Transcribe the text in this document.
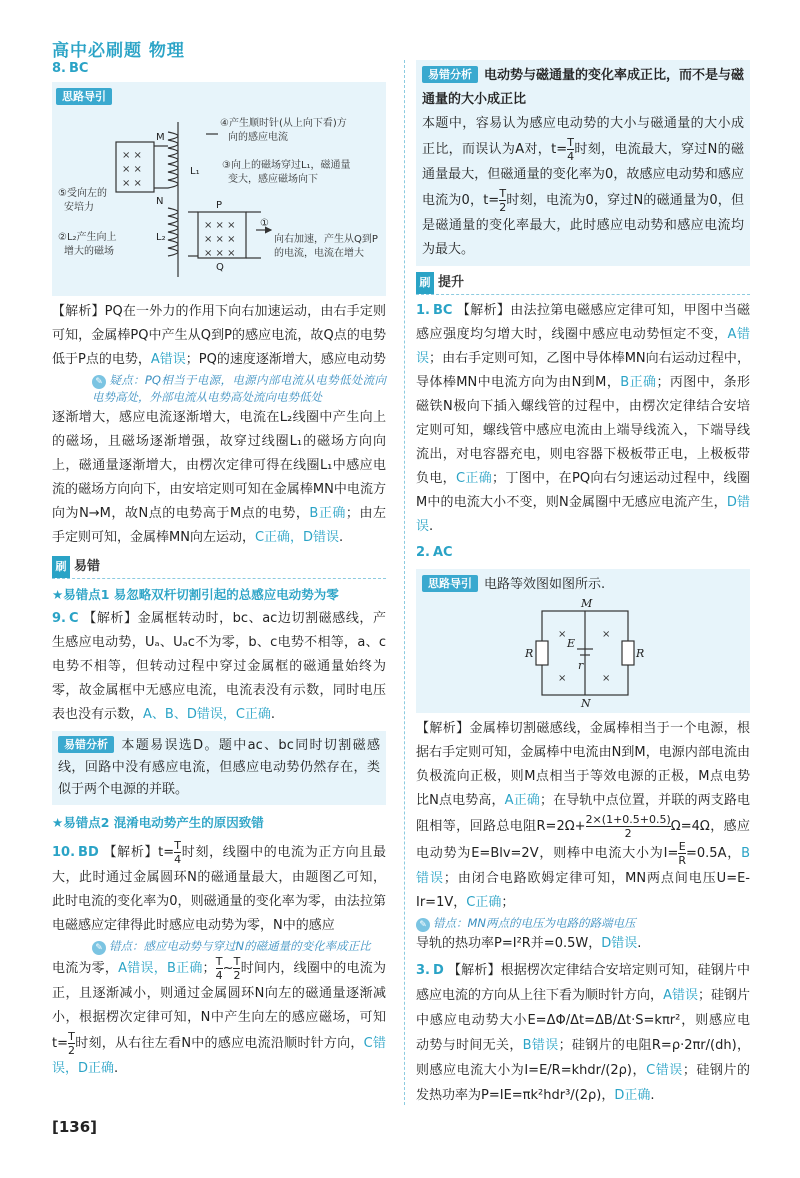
高中必刷题 物理
8. BC
思路导引
× ×
× ×
× ×
× × ×
× × ×
× × ×
M
N
L₁
L₂
P
Q
①
④产生顺时针(从上向下看)方
向的感应电流
③向上的磁场穿过L₁，磁通量
变大，感应磁场向下
⑤受向左的
安培力
②L₂产生向上
增大的磁场
向右加速，产生从Q到P
的电流，电流在增大
【解析】PQ在一外力的作用下向右加速运动，由右手定则可知，金属棒PQ中产生从Q到P的感应电流，故Q点的电势低于P点的电势，A错误；PQ的速度逐渐增大，感应电动势
✎ 疑点：PQ相当于电源，电源内部电流从电势低处流向电势高处，外部电流从电势高处流向电势低处
逐渐增大，感应电流逐渐增大，电流在L₂线圈中产生向上的磁场，且磁场逐渐增强，故穿过线圈L₁的磁场方向向上，磁通量逐渐增大，由楞次定律可得在线圈L₁中感应电流的磁场方向向下，由安培定则可知在金属棒MN中电流方向为N→M，故N点的电势高于M点的电势，B正确；由左手定则可知，金属棒MN向左运动，C正确，D错误.
刷 易错
★易错点1 易忽略双杆切割引起的总感应电动势为零
9. C 【解析】金属框转动时，bc、ac边切割磁感线，产生感应电动势，Uₐ、Uₐc不为零，b、c电势不相等，a、c电势不相等，但转动过程中穿过金属框的磁通量始终为零，故金属框中无感应电流，电流表没有示数，同时电压表也没有示数，A、B、D错误，C正确.
易错分析 本题易误选D。题中ac、bc同时切割磁感线，回路中没有感应电流，但感应电动势仍然存在，类似于两个电源的并联。
★易错点2 混淆电动势产生的原因致错
10. BD 【解析】$t= \frac{T}{4}$ 时刻，线圈中的电流为正方向且最大，此时通过金属圆环N的磁通量最大，由题图乙可知，此时电流的变化率为0，则磁通量的变化率为零，由法拉第电磁感应定律得此时感应电动势为零，N中的感应
✎ 错点：感应电动势与穿过N的磁通量的变化率成正比
电流为零，A错误，B正确； $\frac{T}{4}$ ~ $\frac{T}{2}$ 时间内，线圈中的电流为正，且逐渐减小，则通过金属圆环N向左的磁通量逐渐减小，根据楞次定律可知，N中产生向左的感应磁场，可知$t= \frac{T}{2}$ 时刻，从右往左看N中的感应电流沿顺时针方向，C错误，D正确.
易错分析 电动势与磁通量的变化率成正比，而不是与磁通量的大小成正比
本题中，容易认为感应电动势的大小与磁通量的大小成正比，而误认为A对，$t= \frac{T}{4}$ 时刻，电流最大，穿过N的磁通量最大，但磁通量的变化率为0，故感应电动势和感应电流为0，$t= \frac{T}{2}$ 时刻，电流为0，穿过N的磁通量为0，但是磁通量的变化率最大，此时感应电动势和感应电流均为最大。
刷 提升
1. BC 【解析】由法拉第电磁感应定律可知，甲图中当磁感应强度均匀增大时，线圈中感应电动势恒定不变，A错误；由右手定则可知，乙图中导体棒MN向右运动过程中，导体棒MN中电流方向为由N到M，B正确；丙图中，条形磁铁N极向下插入螺线管的过程中，由楞次定律结合安培定则可知，螺线管中感应电流由上端导线流入，下端导线流出，对电容器充电，则电容器下极板带正电，上极板带负电，C正确；丁图中，在PQ向右匀速运动过程中，线圈M中的电流大小不变，则N金属圈中无感应电流产生，D错误.
2. AC
思路导引 电路等效图如图所示.
×	×
×	×
M
N
R	R
E
r
【解析】金属棒切割磁感线，金属棒相当于一个电源，根据右手定则可知，金属棒中电流由N到M，电源内部电流由负极流向正极，则M点相当于等效电源的正极，M点电势比N点电势高，A正确；在导轨中点位置，并联的两支路电阻相等，回路总电阻$R=2\Omega+ \frac{2\times(1+0.5+0.5)}{2} \Omega=4\Omega$，感应电动势为E=Blv=2V，则棒中电流大小为$I= \frac{E}{R} =0.5A$，B错误；由闭合电路欧姆定律可知，MN两点间电压U=E-Ir=1V，C正确；
✎ 错点：MN两点的电压为电路的路端电压
导轨的热功率P=I²R并=0.5W，D错误.
3. D 【解析】根据楞次定律结合安培定则可知，硅钢片中感应电流的方向从上往下看为顺时针方向，A错误；硅钢片中感应电动势大小E=ΔΦ/Δt=ΔB/Δt·S=kπr²，则感应电动势与时间无关，B错误；硅钢片的电阻R=ρ·2πr/(dh)，则感应电流大小为I=E/R=khdr/(2ρ)，C错误；硅钢片的发热功率为P=IE=πk²hdr³/(2ρ)，D正确.
[136]
